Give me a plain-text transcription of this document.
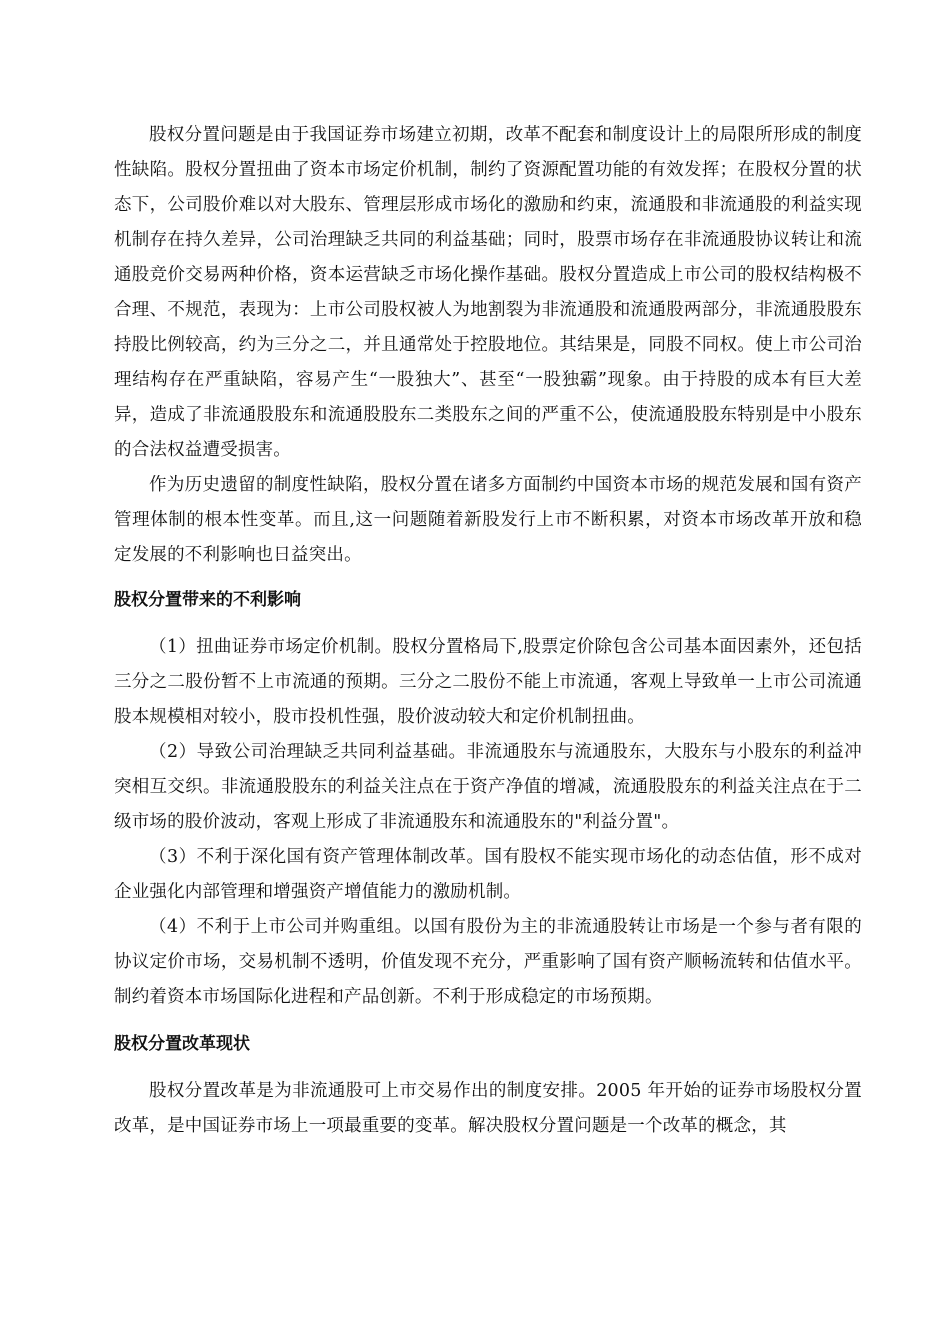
股权分置问题是由于我国证券市场建立初期，改革不配套和制度设计上的局限所形成的制度性缺陷。股权分置扭曲了资本市场定价机制，制约了资源配置功能的有效发挥；在股权分置的状态下，公司股价难以对大股东、管理层形成市场化的激励和约束，流通股和非流通股的利益实现机制存在持久差异，公司治理缺乏共同的利益基础；同时，股票市场存在非流通股协议转让和流通股竞价交易两种价格，资本运营缺乏市场化操作基础。股权分置造成上市公司的股权结构极不合理、不规范，表现为：上市公司股权被人为地割裂为非流通股和流通股两部分，非流通股股东持股比例较高，约为三分之二，并且通常处于控股地位。其结果是，同股不同权。使上市公司治理结构存在严重缺陷，容易产生“一股独大”、甚至“一股独霸”现象。由于持股的成本有巨大差异，造成了非流通股股东和流通股股东二类股东之间的严重不公，使流通股股东特别是中小股东的合法权益遭受损害。

作为历史遗留的制度性缺陷，股权分置在诸多方面制约中国资本市场的规范发展和国有资产管理体制的根本性变革。而且,这一问题随着新股发行上市不断积累，对资本市场改革开放和稳定发展的不利影响也日益突出。

股权分置带来的不利影响

（1）扭曲证券市场定价机制。股权分置格局下,股票定价除包含公司基本面因素外，还包括三分之二股份暂不上市流通的预期。三分之二股份不能上市流通，客观上导致单一上市公司流通股本规模相对较小，股市投机性强，股价波动较大和定价机制扭曲。

（2）导致公司治理缺乏共同利益基础。非流通股东与流通股东，大股东与小股东的利益冲突相互交织。非流通股股东的利益关注点在于资产净值的增减，流通股股东的利益关注点在于二级市场的股价波动，客观上形成了非流通股东和流通股东的"利益分置"。

（3）不利于深化国有资产管理体制改革。国有股权不能实现市场化的动态估值，形不成对企业强化内部管理和增强资产增值能力的激励机制。

（4）不利于上市公司并购重组。以国有股份为主的非流通股转让市场是一个参与者有限的协议定价市场，交易机制不透明，价值发现不充分，严重影响了国有资产顺畅流转和估值水平。制约着资本市场国际化进程和产品创新。不利于形成稳定的市场预期。

股权分置改革现状

股权分置改革是为非流通股可上市交易作出的制度安排。2005 年开始的证券市场股权分置改革，是中国证券市场上一项最重要的变革。解决股权分置问题是一个改革的概念，其
